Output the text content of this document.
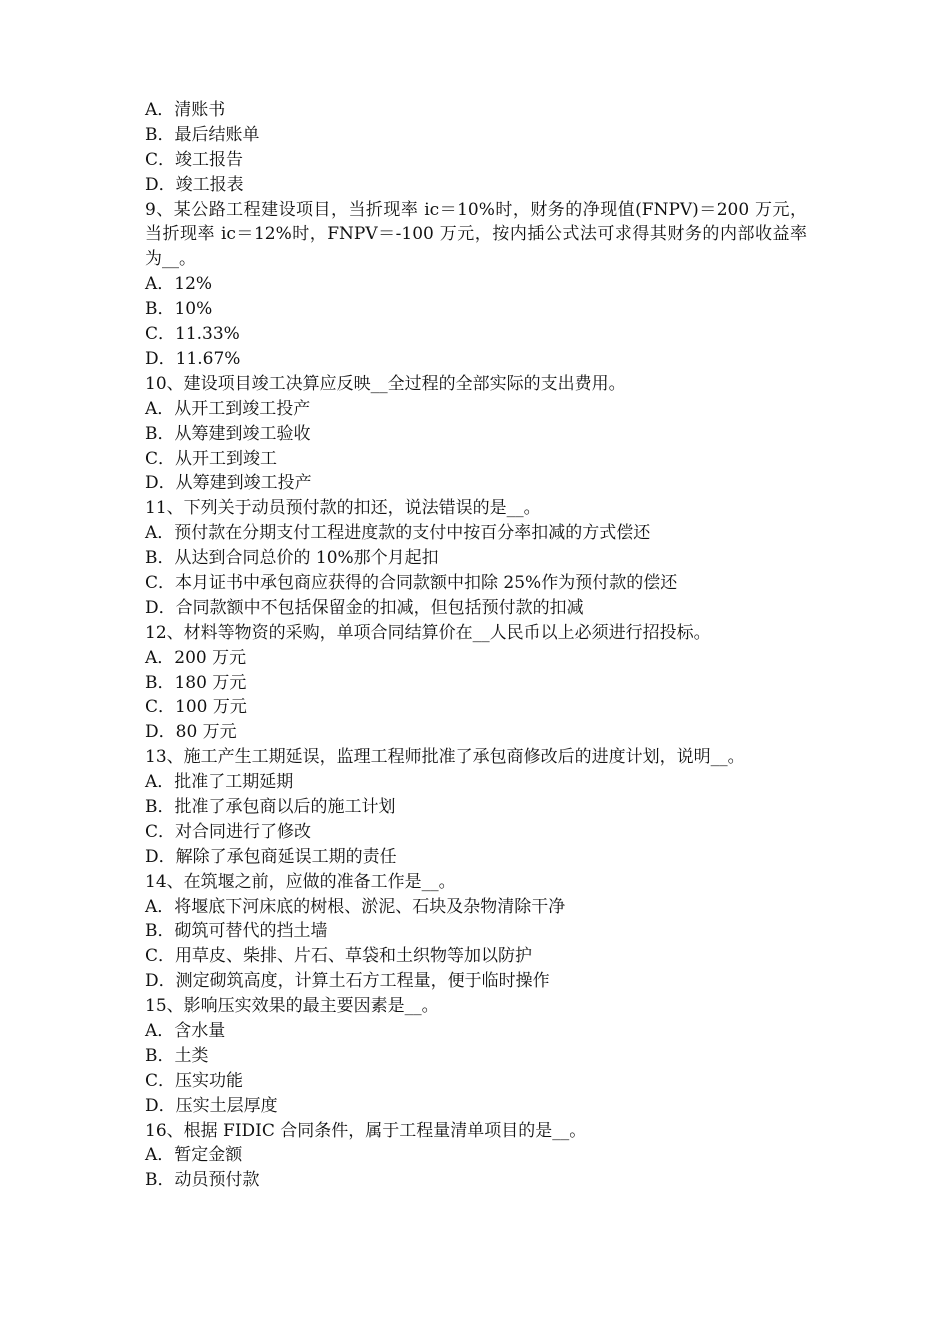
A．清账书
B．最后结账单
C．竣工报告
D．竣工报表
9、某公路工程建设项目，当折现率 ic＝10%时，财务的净现值(FNPV)＝200 万元，当折现率 ic＝12%时，FNPV＝-100 万元，按内插公式法可求得其财务的内部收益率为__。
A．12%
B．10%
C．11.33%
D．11.67%
10、建设项目竣工决算应反映__全过程的全部实际的支出费用。
A．从开工到竣工投产
B．从筹建到竣工验收
C．从开工到竣工
D．从筹建到竣工投产
11、下列关于动员预付款的扣还，说法错误的是__。
A．预付款在分期支付工程进度款的支付中按百分率扣减的方式偿还
B．从达到合同总价的 10%那个月起扣
C．本月证书中承包商应获得的合同款额中扣除 25%作为预付款的偿还
D．合同款额中不包括保留金的扣减，但包括预付款的扣减
12、材料等物资的采购，单项合同结算价在__人民币以上必须进行招投标。
A．200 万元
B．180 万元
C．100 万元
D．80 万元
13、施工产生工期延误，监理工程师批准了承包商修改后的进度计划，说明__。
A．批准了工期延期
B．批准了承包商以后的施工计划
C．对合同进行了修改
D．解除了承包商延误工期的责任
14、在筑堰之前，应做的准备工作是__。
A．将堰底下河床底的树根、淤泥、石块及杂物清除干净
B．砌筑可替代的挡土墙
C．用草皮、柴排、片石、草袋和土织物等加以防护
D．测定砌筑高度，计算土石方工程量，便于临时操作
15、影响压实效果的最主要因素是__。
A．含水量
B．土类
C．压实功能
D．压实土层厚度
16、根据 FIDIC 合同条件，属于工程量清单项目的是__。
A．暂定金额
B．动员预付款
